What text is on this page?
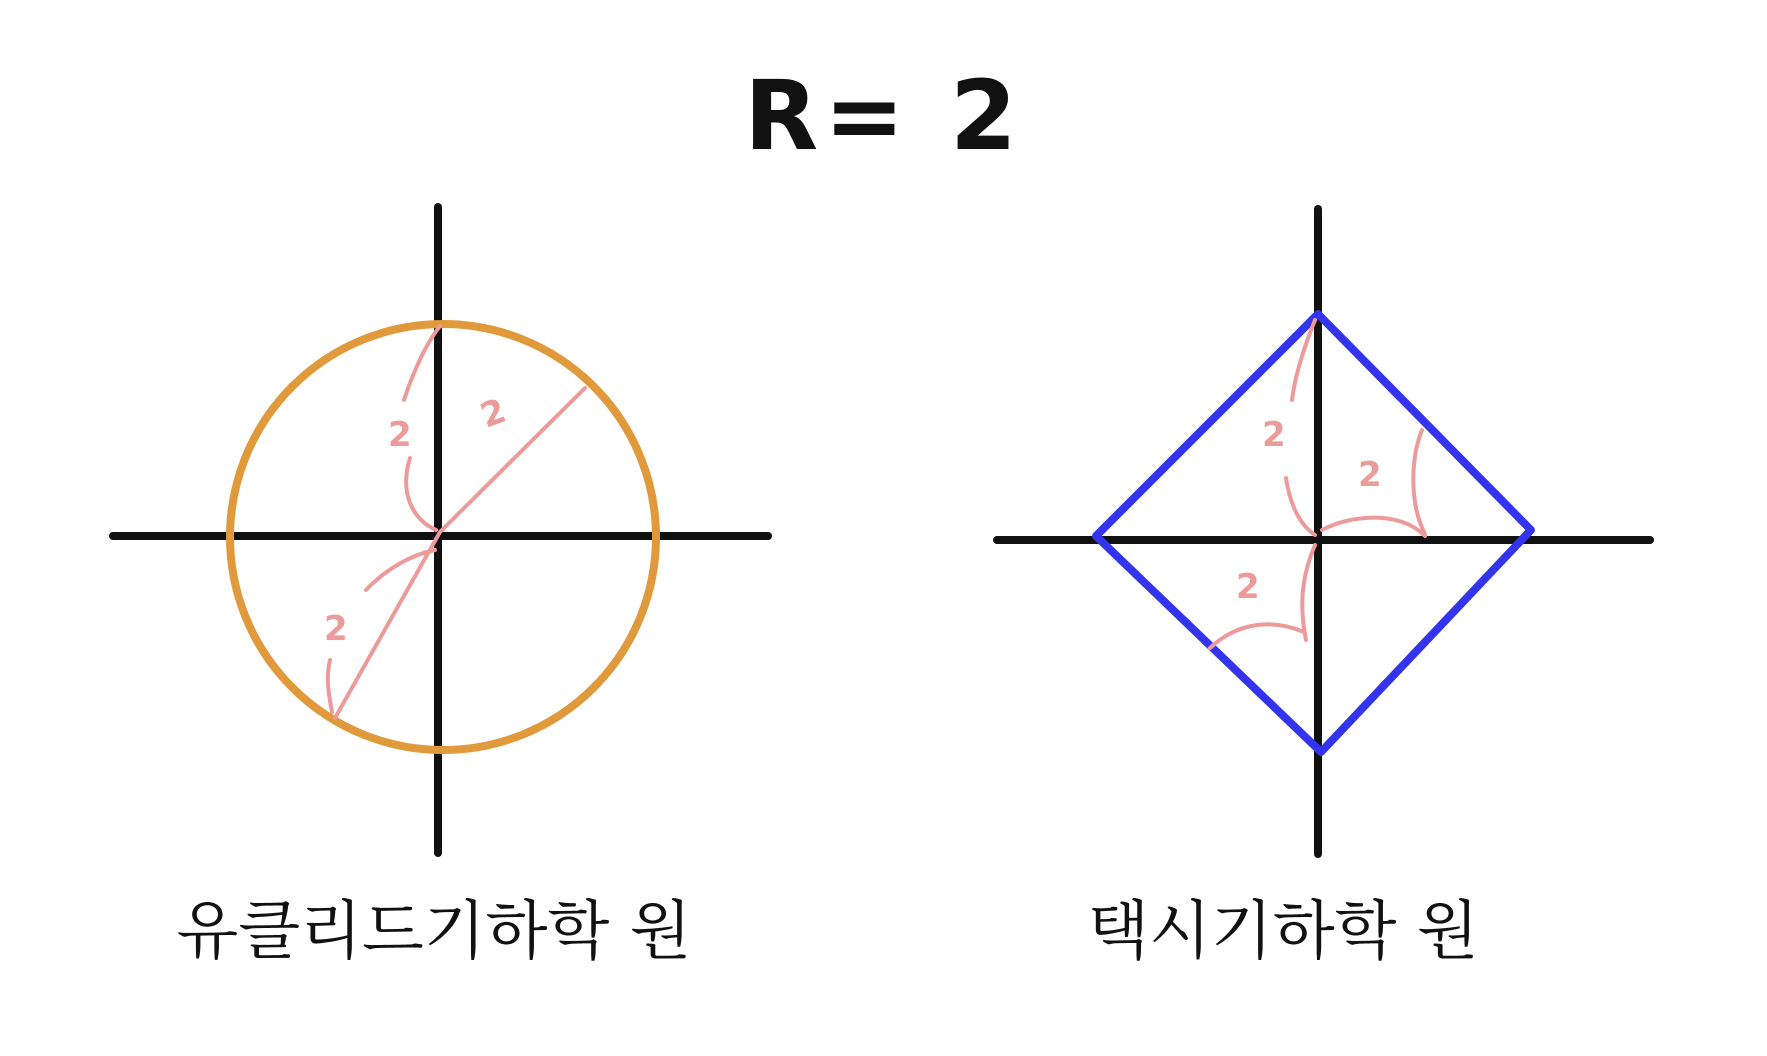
R= 2
2
2
2
2
2
2
유클리드기하학 원	택시기하학 원
